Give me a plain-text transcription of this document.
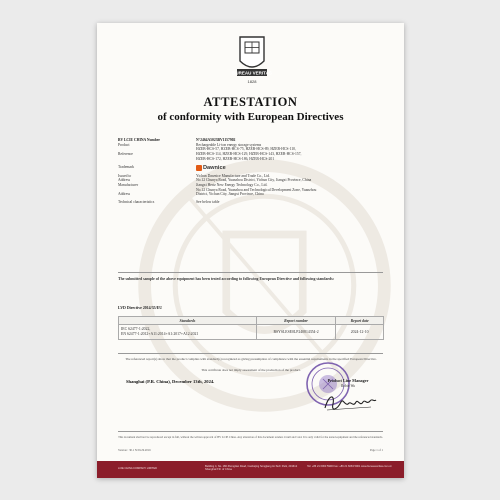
BUREAU VERITAS
1828
ATTESTATION
of conformity with European Directives
BV LCIE CHINA Number	N°2464A5023BV1157902
Product	Rechargeable Li-ion energy storage systems
HZEB-HCS-57, HZEB-HCS-75, HZEB-HCS-89, HZEB-HCS-110,
Reference	HZEB-HCS-114, HZEB-HCS-129, HZEB-HCS-143, HZEB-HCS-157,
HZEB-HCS-172, HZEB-HCS-186, HZEB-HCS-201
Trademark	Dawnice
Issued to	Yichun Dawnice Manufacture and Trade Co., Ltd.
Address	No.12 Chunya Road, Yuanzhou District, Yichun City, Jiangxi Province, China
Manufacturer	Jiangxi Hertz New Energy Technology Co., Ltd.
No.12 Chunya Road, Yuanzhou and Technological Development Zone, Yuanzhou
Address	District, Yichun City, Jiangxi Province, China
Technical characteristics	See below table
The submitted sample of the above equipment has been tested according to following European Directive and following standards:
LVD Directive 2014/35/EU
Standards	Report number	Report date

IEC 62477-1:2022,
EN 62477-1:2012+A11:2014+A1:2017+A12:2021	BSYSLESE0LP240814354-2	2024-12-10
The referenced report(s) show that the product complies with standard(s) recognized as giving presumption of compliance with the essential requirements in the specified European Directive.
This certificate does not imply assessment of the production of the product.
Shanghai (P.R. China), December 13th, 2024.	Product Line Manager
Robin Wu
This document shall not be reproduced except in full, without the written approval of BV LCIE China. Any alteration of this document renders it null and void. It is only valid for the tested equipment and the referenced standards.
Version : 30.1 N 09.29.2016	Page 1 of 1
LCIE CHINA COMPANY LIMITED
Building 4, No. 180 Zhongtian Road, Caohejing Songjiang Hi-Tech Park, 201612 Shanghai P.R. of China
Tel: +86 21 6063 5900 Fax: +86 21 6063 5901 www.bureauveritas.com.cn
